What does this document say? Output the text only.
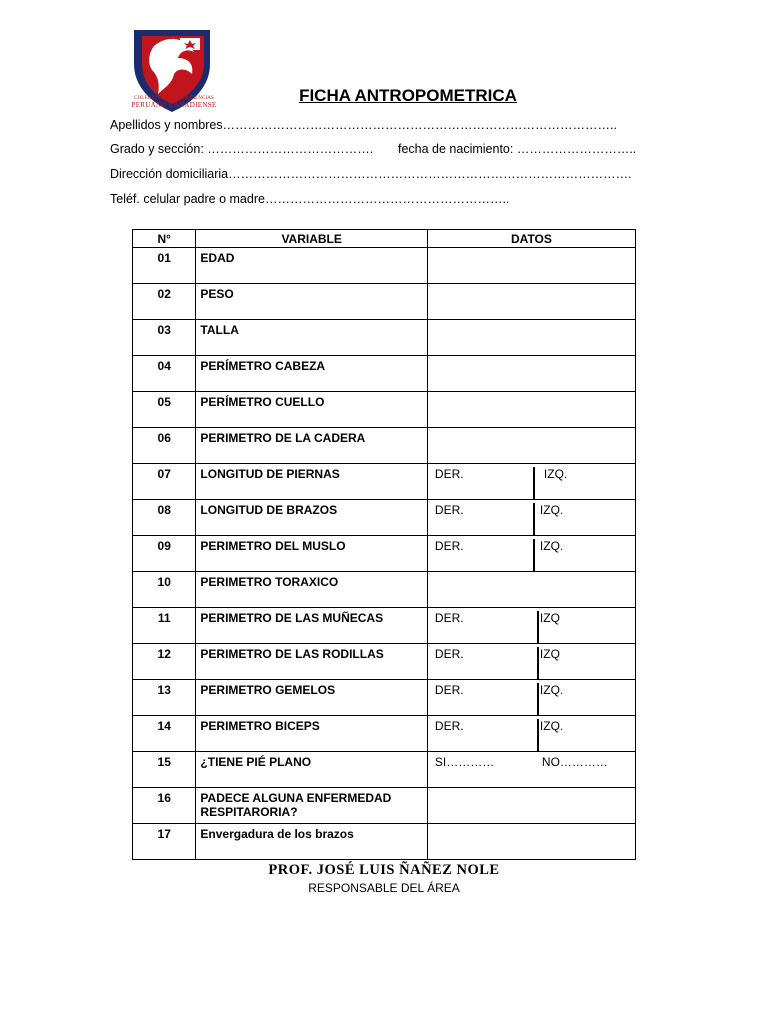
COLEGIO PRIVADO DE CIENCIAS
PERUANO CANADIENSE	FICHA ANTROPOMETRICA
Apellidos y nombres…………………………………………………………………………………..
Grado y sección: …………………………………. fecha de nacimiento: ………………………..
Dirección domiciliaria…………………………………………………………………………………….
Teléf. celular padre o madre…………………………………………………..
N°	VARIABLE	DATOS
01	EDAD	
02	PESO	
03	TALLA	
04	PERÍMETRO CABEZA	
05	PERÍMETRO CUELLO	
06	PERIMETRO DE LA CADERA	
07	LONGITUD DE PIERNAS	DER. IZQ.

08	LONGITUD DE BRAZOS	DER. IZQ.

09	PERIMETRO DEL MUSLO	DER. IZQ.

10	PERIMETRO TORAXICO	
11	PERIMETRO DE LAS MUÑECAS	DER. IZQ

12	PERIMETRO DE LAS RODILLAS	DER. IZQ

13	PERIMETRO GEMELOS	DER. IZQ.

14	PERIMETRO BICEPS	DER. IZQ.

15	¿TIENE PIÉ PLANO	SI………… NO…………

16	PADECE ALGUNA ENFERMEDAD RESPITARORIA?	
17	Envergadura de los brazos	
PROF. JOSÉ LUIS ÑAÑEZ NOLE
RESPONSABLE DEL ÁREA
